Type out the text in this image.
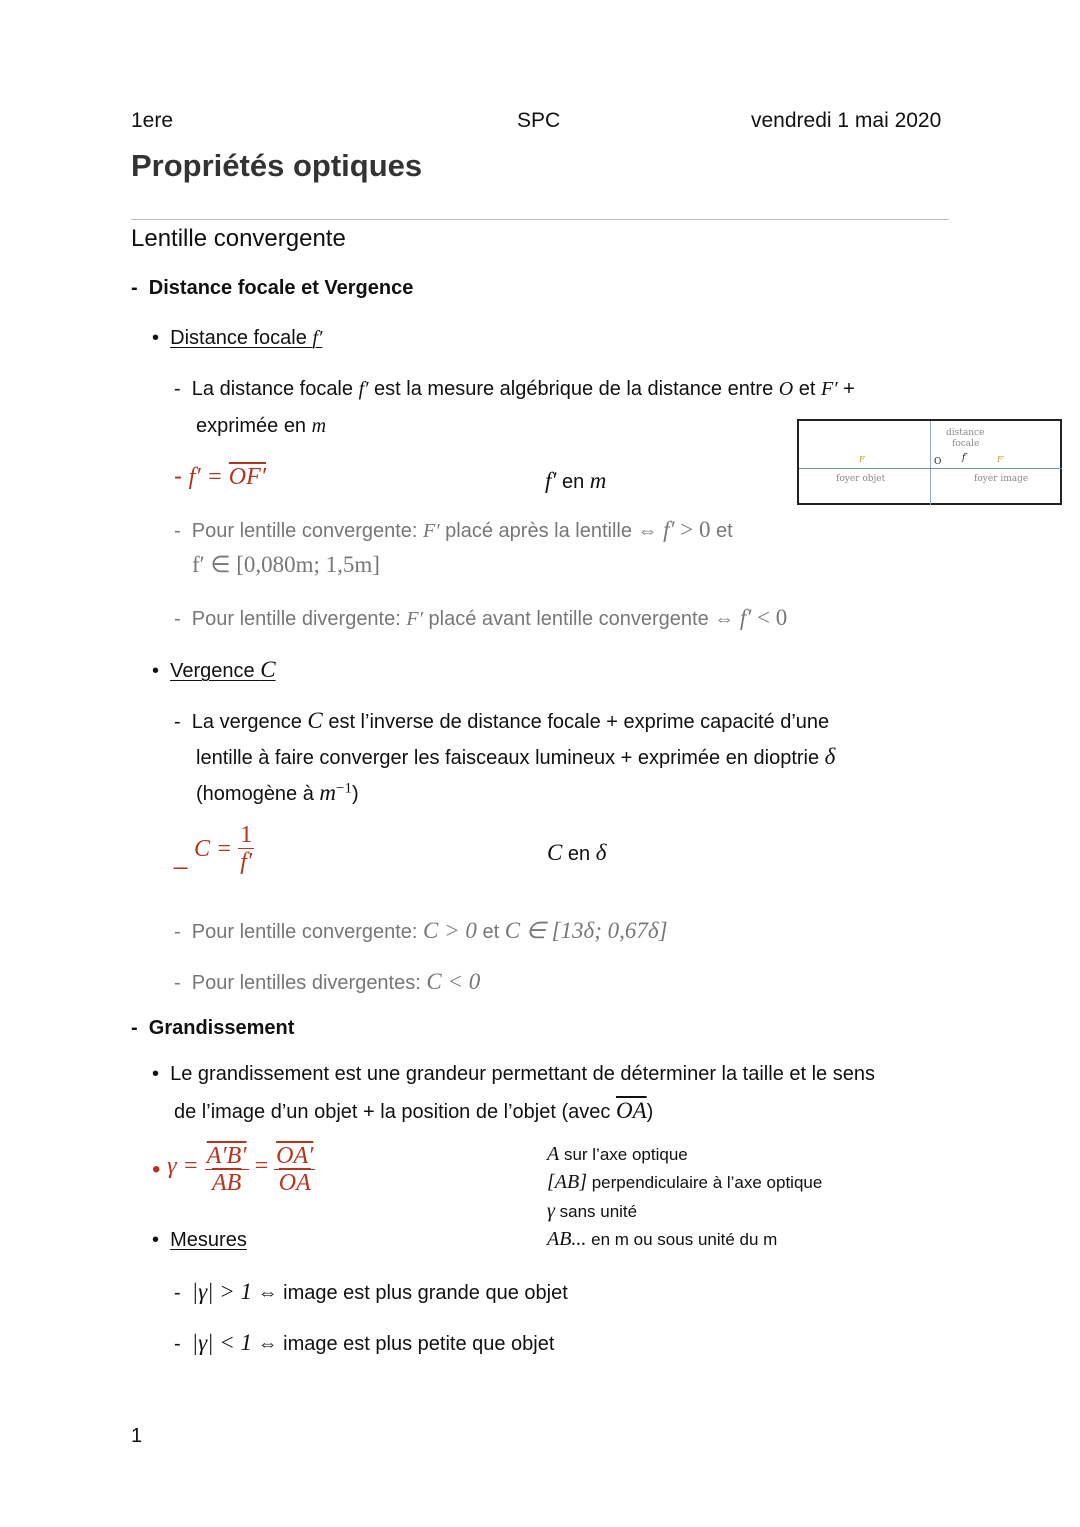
1ere	SPC	vendredi 1 mai 2020
Propriétés optiques
Lentille convergente
-  Distance focale et Vergence
•  Distance focale f′
-  La distance focale f′ est la mesure algébrique de la distance entre O et F′ +
exprimée en m
- f′ = OF′	f′ en m
-  Pour lentille convergente: F′ placé après la lentille ⇔ f′ > 0 et
f′ ∈ [0,080m; 1,5m]
-  Pour lentille divergente: F′ placé avant lentille convergente ⇔ f′ < 0
distance
focale
F
foyer objet
O f′	F′
foyer image
•  Vergence C
-  La vergence C est l’inverse de distance focale + exprime capacité d’une
lentille à faire converger les faisceaux lumineux + exprimée en dioptrie δ
(homogène à $m^{-1}$)
_ $C = \frac{1}{f'}$	C en δ
-  Pour lentille convergente: C > 0 et C ∈ [13δ; 0,67δ]
-  Pour lentilles divergentes: C < 0
-  Grandissement
•  Le grandissement est une grandeur permettant de déterminer la taille et le sens
de l’image d’un objet + la position de l’objet (avec $\overline{OA}$)
• $\gamma = \frac{A'B'}{AB} = \frac{OA'}{OA}$	A sur l’axe optique
[AB] perpendiculaire à l’axe optique
γ sans unité
AB... en m ou sous unité du m
•  Mesures
-  |γ| > 1 ⇔ image est plus grande que objet
-  |γ| < 1 ⇔ image est plus petite que objet
1
